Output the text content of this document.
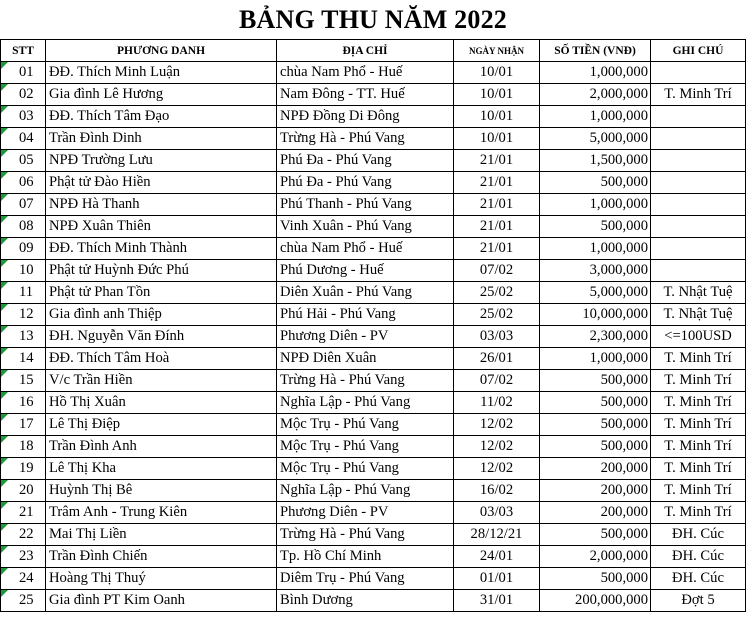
BẢNG THU NĂM 2022
STT	PHƯƠNG DANH	ĐỊA CHỈ	NGÀY NHẬN	SỐ TIỀN (VNĐ)	GHI CHÚ

01	ĐĐ. Thích Minh Luận	chùa Nam Phổ - Huế	10/01	1,000,000	

02	Gia đình Lê Hương	Nam Đông - TT. Huế	10/01	2,000,000	T. Minh Trí

03	ĐĐ. Thích Tâm Đạo	NPĐ Đồng Di Đông	10/01	1,000,000	

04	Trần Đình Dinh	Trừng Hà - Phú Vang	10/01	5,000,000	

05	NPĐ Trường Lưu	Phú Đa - Phú Vang	21/01	1,500,000	

06	Phật tử Đào Hiền	Phú Đa - Phú Vang	21/01	500,000	

07	NPĐ Hà Thanh	Phú Thanh - Phú Vang	21/01	1,000,000	

08	NPĐ Xuân Thiên	Vinh Xuân - Phú Vang	21/01	500,000	

09	ĐĐ. Thích Minh Thành	chùa Nam Phổ - Huế	21/01	1,000,000	

10	Phật tử Huỳnh Đức Phú	Phú Dương - Huế	07/02	3,000,000	

11	Phật tử Phan Tồn	Diên Xuân - Phú Vang	25/02	5,000,000	T. Nhật Tuệ

12	Gia đình anh Thiệp	Phú Hải - Phú Vang	25/02	10,000,000	T. Nhật Tuệ

13	ĐH. Nguyễn Văn Đính	Phương Diên - PV	03/03	2,300,000	<=100USD

14	ĐĐ. Thích Tâm Hoà	NPĐ Diên Xuân	26/01	1,000,000	T. Minh Trí

15	V/c Trần Hiền	Trừng Hà - Phú Vang	07/02	500,000	T. Minh Trí

16	Hồ Thị Xuân	Nghĩa Lập - Phú Vang	11/02	500,000	T. Minh Trí

17	Lê Thị Điệp	Mộc Trụ - Phú Vang	12/02	500,000	T. Minh Trí

18	Trần Đình Anh	Mộc Trụ - Phú Vang	12/02	500,000	T. Minh Trí

19	Lê Thị Kha	Mộc Trụ - Phú Vang	12/02	200,000	T. Minh Trí

20	Huỳnh Thị Bê	Nghĩa Lập - Phú Vang	16/02	200,000	T. Minh Trí

21	Trâm Anh - Trung Kiên	Phương Diên - PV	03/03	200,000	T. Minh Trí

22	Mai Thị Liền	Trừng Hà - Phú Vang	28/12/21	500,000	ĐH. Cúc

23	Trần Đình Chiến	Tp. Hồ Chí Minh	24/01	2,000,000	ĐH. Cúc

24	Hoàng Thị Thuý	Diêm Trụ - Phú Vang	01/01	500,000	ĐH. Cúc

25	Gia đình PT Kim Oanh	Bình Dương	31/01	200,000,000	Đợt 5
